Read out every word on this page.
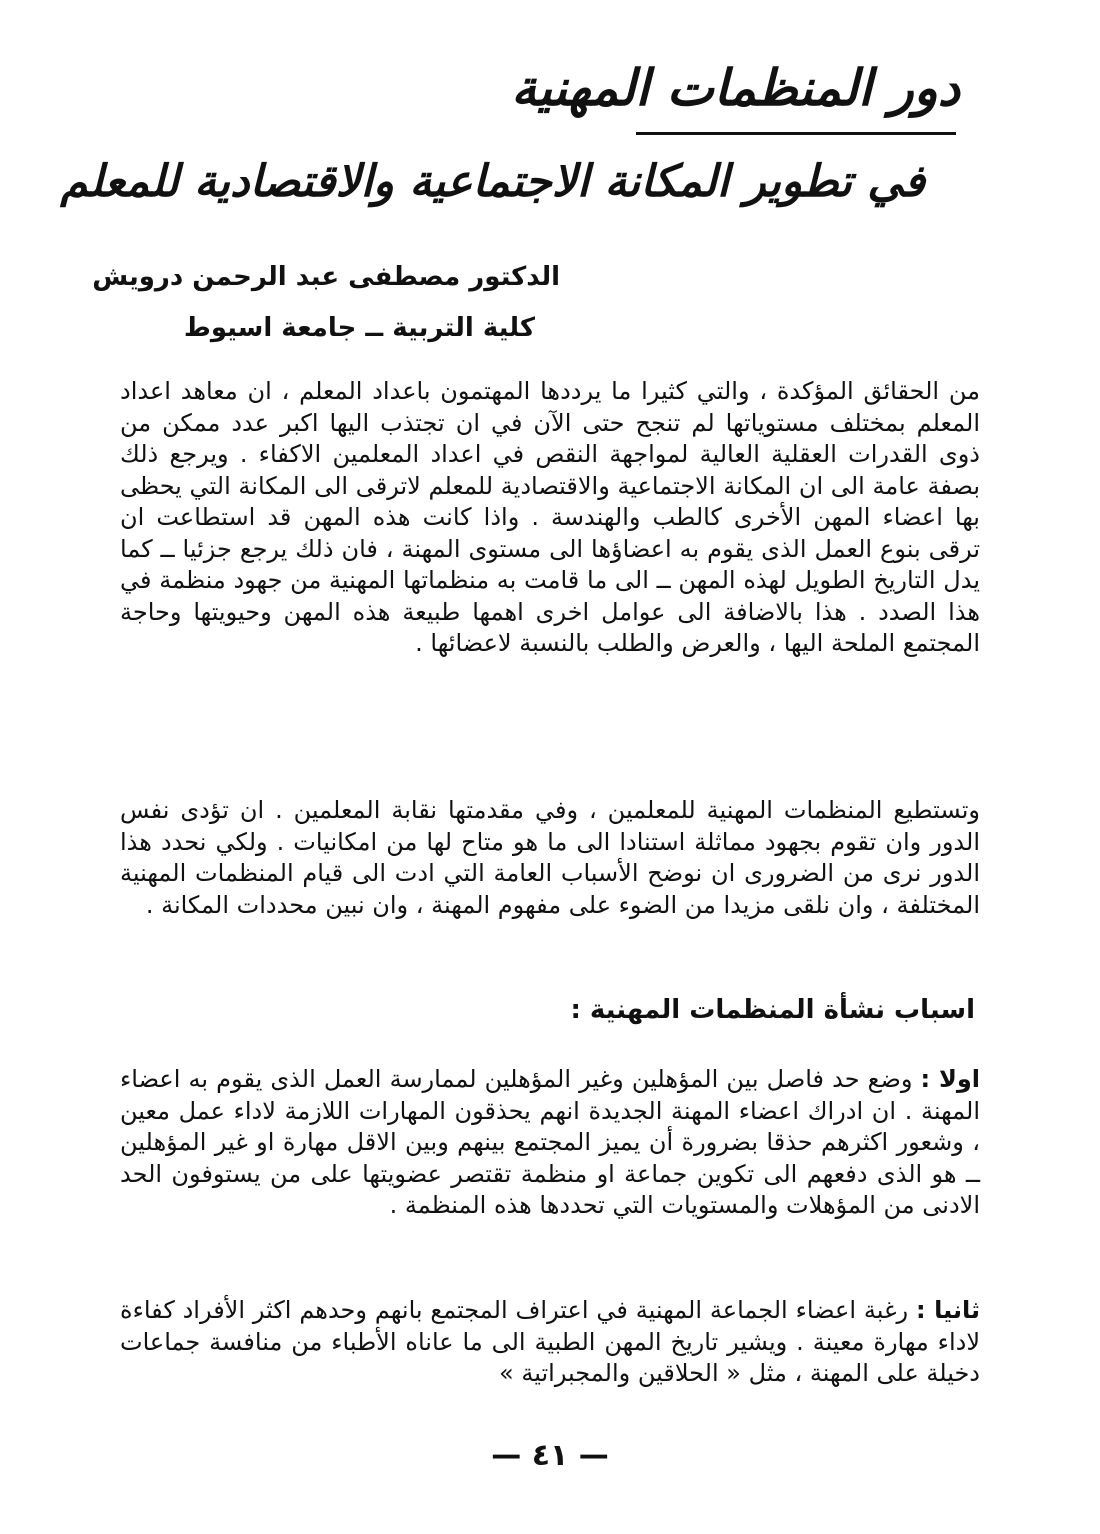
دور المنظمات المهنية
في تطوير المكانة الاجتماعية والاقتصادية للمعلم

الدكتور مصطفى عبد الرحمن درويش

كلية التربية ــ جامعة اسيوط

من الحقائق المؤكدة ، والتي كثيرا ما يرددها المهتمون باعداد المعلم ، ان معاهد اعداد المعلم بمختلف مستوياتها لم تنجح حتى الآن في ان تجتذب اليها اكبر عدد ممكن من ذوى القدرات العقلية العالية لمواجهة النقص في اعداد المعلمين الاكفاء . ويرجع ذلك بصفة عامة الى ان المكانة الاجتماعية والاقتصادية للمعلم لاترقى الى المكانة التي يحظى بها اعضاء المهن الأخرى كالطب والهندسة . واذا كانت هذه المهن قد استطاعت ان ترقى بنوع العمل الذى يقوم به اعضاؤها الى مستوى المهنة ، فان ذلك يرجع جزئيا ــ كما يدل التاريخ الطويل لهذه المهن ــ الى ما قامت به منظماتها المهنية من جهود منظمة في هذا الصدد . هذا بالاضافة الى عوامل اخرى اهمها طبيعة هذه المهن وحيويتها وحاجة المجتمع الملحة اليها ، والعرض والطلب بالنسبة لاعضائها .

وتستطيع المنظمات المهنية للمعلمين ، وفي مقدمتها نقابة المعلمين . ان تؤدى نفس الدور وان تقوم بجهود مماثلة استنادا الى ما هو متاح لها من امكانيات . ولكي نحدد هذا الدور نرى من الضرورى ان نوضح الأسباب العامة التي ادت الى قيام المنظمات المهنية المختلفة ، وان نلقى مزيدا من الضوء على مفهوم المهنة ، وان نبين محددات المكانة .

اسباب نشأة المنظمات المهنية :

اولا : وضع حد فاصل بين المؤهلين وغير المؤهلين لممارسة العمل الذى يقوم به اعضاء المهنة . ان ادراك اعضاء المهنة الجديدة انهم يحذقون المهارات اللازمة لاداء عمل معين ، وشعور اكثرهم حذقا بضرورة أن يميز المجتمع بينهم وبين الاقل مهارة او غير المؤهلين ــ هو الذى دفعهم الى تكوين جماعة او منظمة تقتصر عضويتها على من يستوفون الحد الادنى من المؤهلات والمستويات التي تحددها هذه المنظمة .

ثانيا : رغبة اعضاء الجماعة المهنية في اعتراف المجتمع بانهم وحدهم اكثر الأفراد كفاءة لاداء مهارة معينة . ويشير تاريخ المهن الطبية الى ما عاناه الأطباء من منافسة جماعات دخيلة على المهنة ، مثل « الحلاقين والمجبراتية »

— ٤١ —
